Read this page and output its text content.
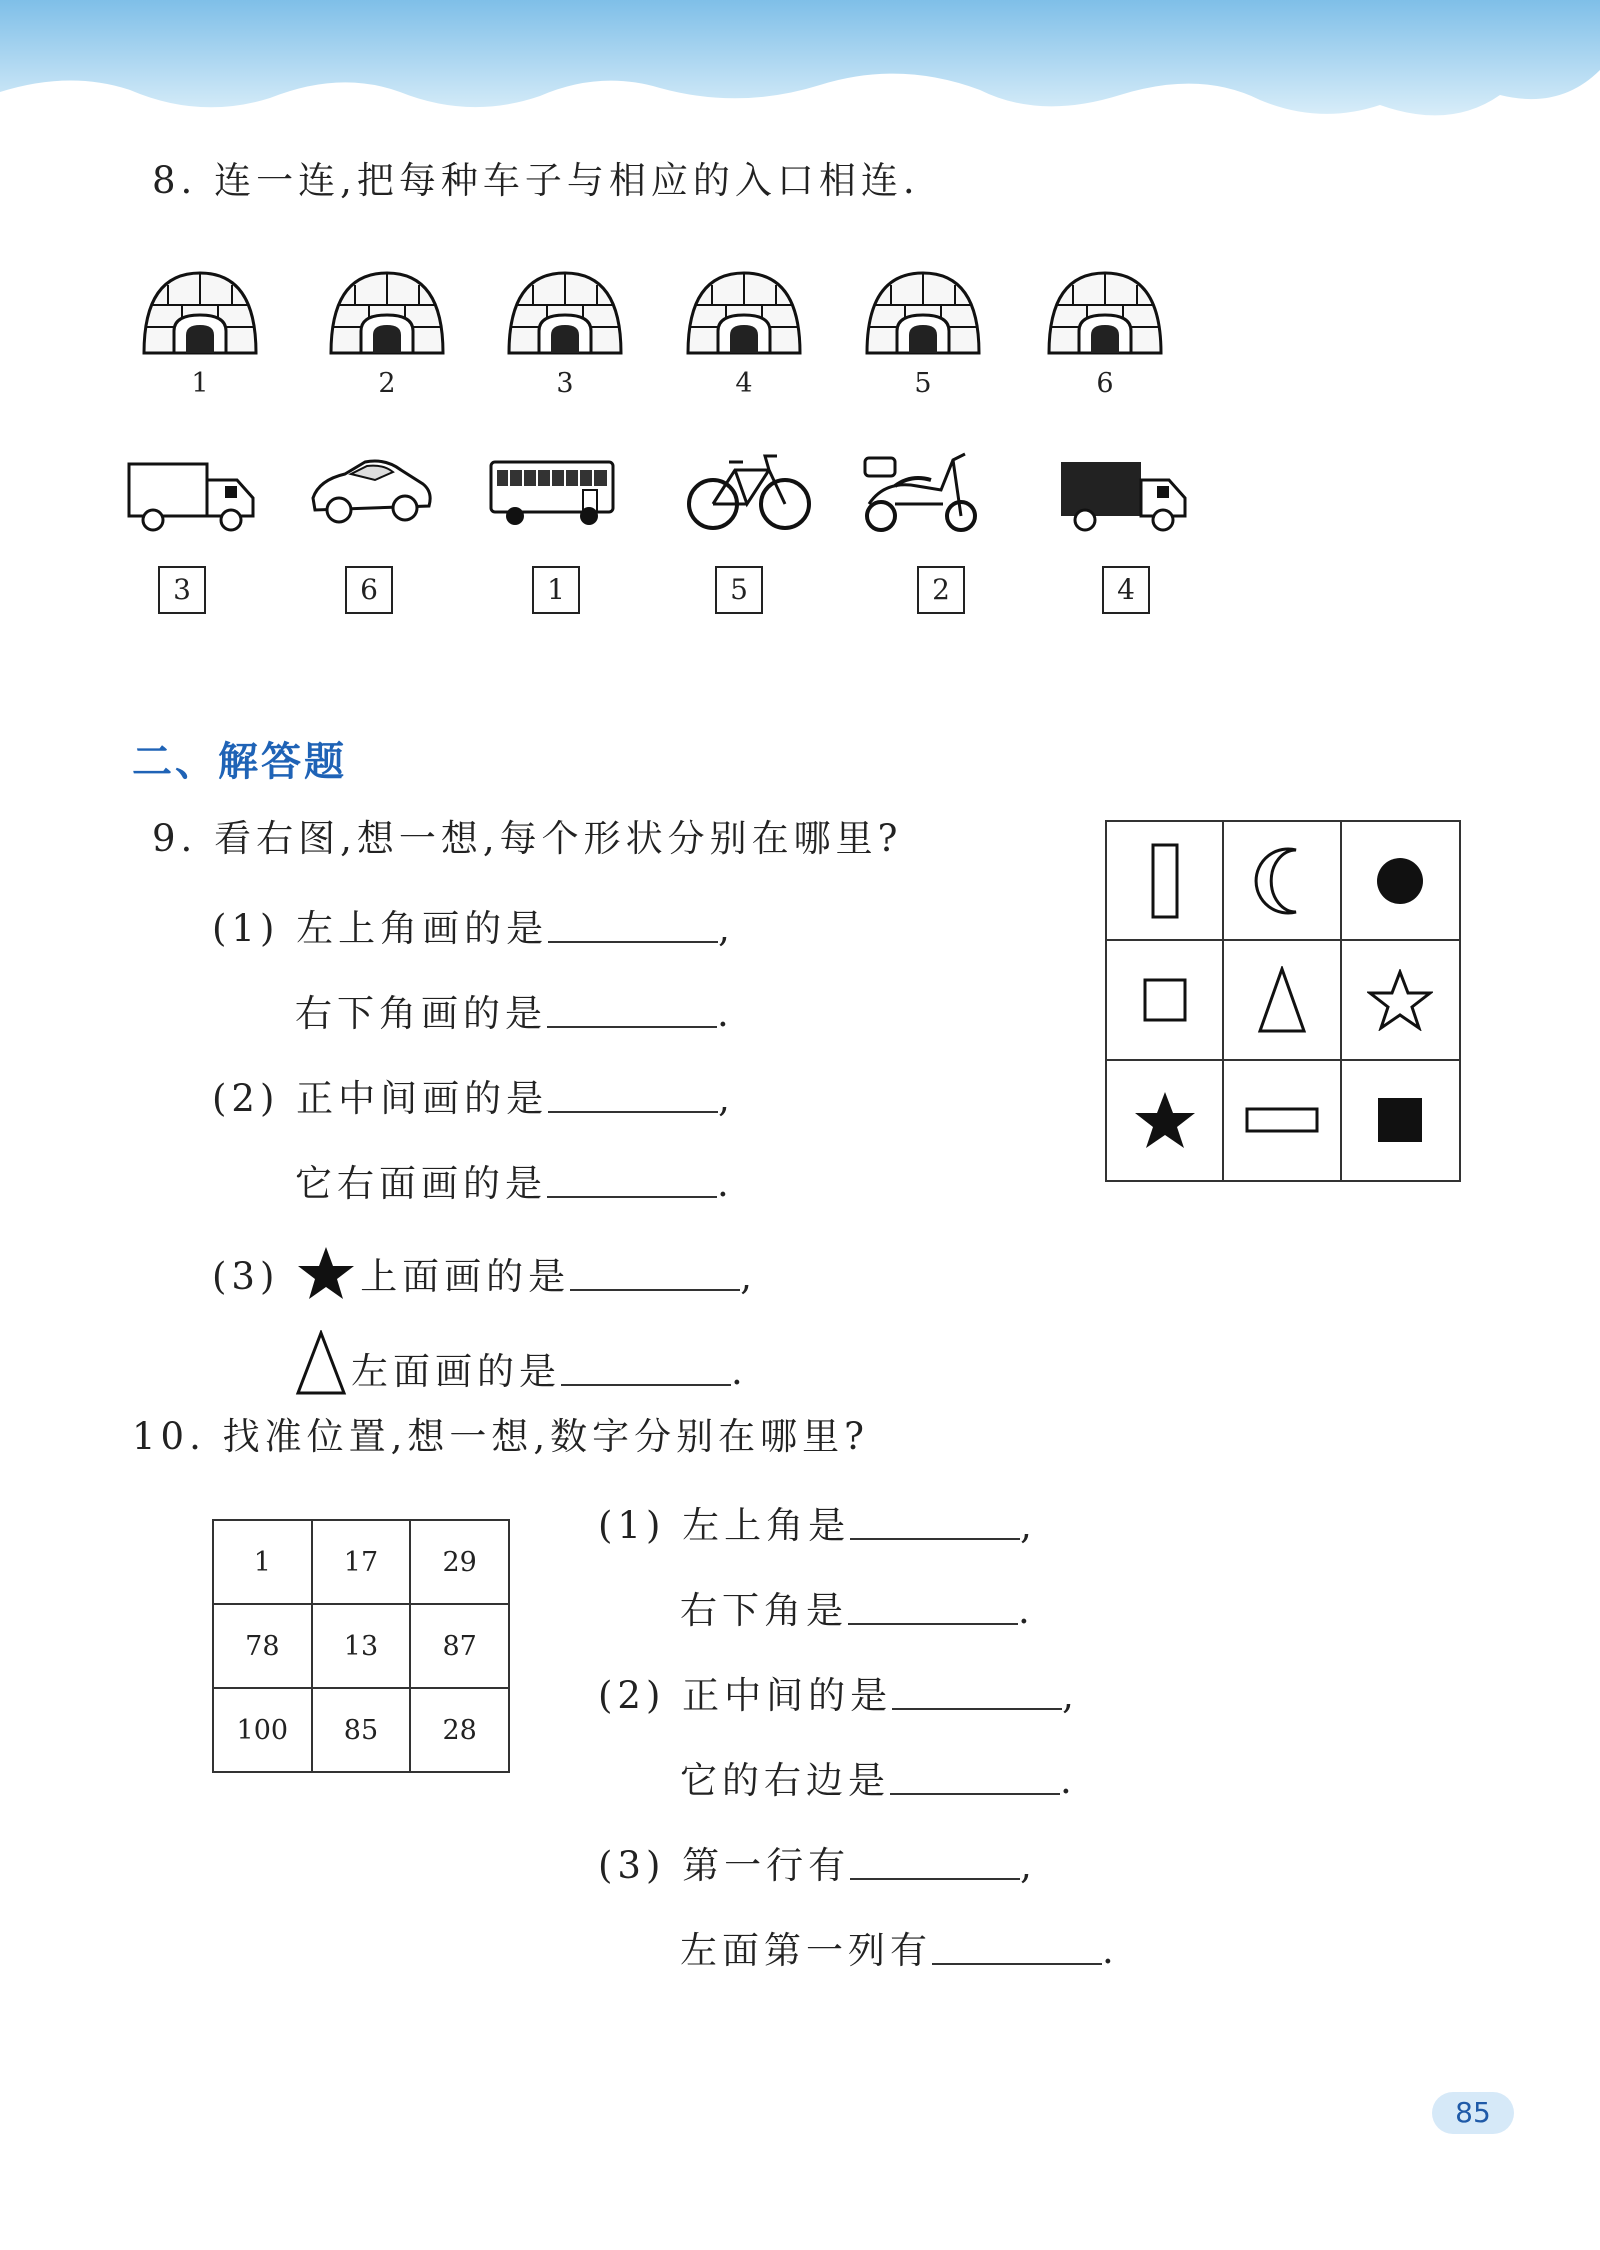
8. 连一连,把每种车子与相应的入口相连.
1	2	3	4	5	6
3	6	1	5	2	4
二、解答题
9. 看右图,想一想,每个形状分别在哪里?
(1) 左上角画的是	,
右下角画的是	.
(2) 正中间画的是	,
它右面画的是	.
(3) 上面画的是	,
左面画的是	.
10. 找准位置,想一想,数字分别在哪里?
1	17	29
78	13	87
100	85	28
(1) 左上角是	,
右下角是	.
(2) 正中间的是	,
它的右边是	.
(3) 第一行有	,
左面第一列有	.
85
